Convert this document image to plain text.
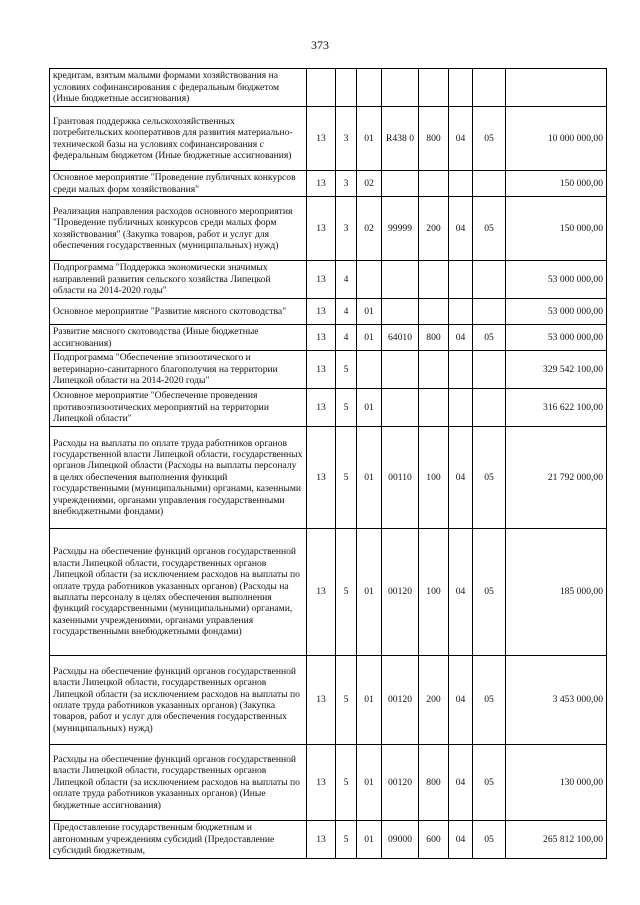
373
кредитам, взятым малыми формами хозяйствования на условиях софинансирования с федеральным бюджетом (Иные бюджетные ассигнования)								
Грантовая поддержка сельскохозяйственных потребительских кооперативов для развития материально-технической базы на условиях софинансирования с федеральным бюджетом (Иные бюджетные ассигнования)	13	3	01	R438 0	800	04	05	10 000 000,00
Основное мероприятие "Проведение публичных конкурсов среди малых форм хозяйствования"	13	3	02					150 000,00
Реализация направления расходов основного мероприятия "Проведение публичных конкурсов среди малых форм хозяйствования" (Закупка товаров, работ и услуг для обеспечения государственных (муниципальных) нужд)	13	3	02	99999	200	04	05	150 000,00
Подпрограмма "Поддержка экономически значимых направлений развития сельского хозяйства Липецкой области на 2014-2020 годы"	13	4						53 000 000,00
Основное мероприятие "Развитие мясного скотоводства"	13	4	01					53 000 000,00
Развитие мясного скотоводства (Иные бюджетные ассигнования)	13	4	01	64010	800	04	05	53 000 000,00
Подпрограмма "Обеспечение эпизоотического и ветеринарно-санитарного благополучия на территории Липецкой области на 2014-2020 годы"	13	5						329 542 100,00
Основное мероприятие "Обеспечение проведения противоэпизоотических мероприятий на территории Липецкой области"	13	5	01					316 622 100,00
Расходы на выплаты по оплате труда работников органов государственной власти Липецкой области, государственных органов Липецкой области (Расходы на выплаты персоналу в целях обеспечения выполнения функций государственными (муниципальными) органами, казенными учреждениями, органами управления государственными внебюджетными фондами)	13	5	01	00110	100	04	05	21 792 000,00
Расходы на обеспечение функций органов государственной власти Липецкой области, государственных органов Липецкой области (за исключением расходов на выплаты по оплате труда работников указанных органов) (Расходы на выплаты персоналу в целях обеспечения выполнения функций государственными (муниципальными) органами, казенными учреждениями, органами управления государственными внебюджетными фондами)	13	5	01	00120	100	04	05	185 000,00
Расходы на обеспечение функций органов государственной власти Липецкой области, государственных органов Липецкой области (за исключением расходов на выплаты по оплате труда работников указанных органов) (Закупка товаров, работ и услуг для обеспечения государственных (муниципальных) нужд)	13	5	01	00120	200	04	05	3 453 000,00
Расходы на обеспечение функций органов государственной власти Липецкой области, государственных органов Липецкой области (за исключением расходов на выплаты по оплате труда работников указанных органов) (Иные бюджетные ассигнования)	13	5	01	00120	800	04	05	130 000,00
Предоставление государственным бюджетным и автономным учреждениям субсидий (Предоставление субсидий бюджетным,	13	5	01	09000	600	04	05	265 812 100,00
